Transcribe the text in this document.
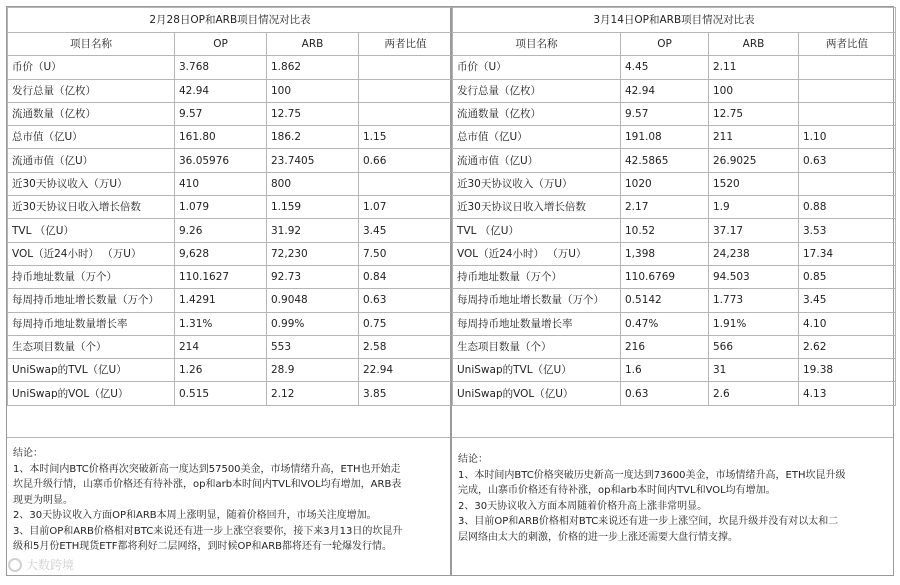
2月28日OP和ARB项目情况对比表			
项目名称	OP	ARB	两者比值
币价（U）	3.768	1.862	
发行总量（亿枚）	42.94	100	
流通数量（亿枚）	9.57	12.75	
总市值（亿U）	161.80	186.2	1.15
流通市值（亿U）	36.05976	23.7405	0.66
近30天协议收入（万U）	410	800	
近30天协议日收入增长倍数	1.079	1.159	1.07
TVL （亿U）	9.26	31.92	3.45
VOL（近24小时） （万U）	9,628	72,230	7.50
持币地址数量（万个）	110.1627	92.73	0.84
每周持币地址增长数量（万个）	1.4291	0.9048	0.63
每周持币地址数量增长率	1.31%	0.99%	0.75
生态项目数量（个）	214	553	2.58
UniSwap的TVL（亿U）	1.26	28.9	22.94
UniSwap的VOL（亿U）	0.515	2.12	3.85

结论：

1、本时间内BTC价格再次突破新高一度达到57500美金，市场情绪升高，ETH也开始走

坎昆升级行情，山寨币价格还有待补涨，op和arb本时间内TVL和VOL均有增加，ARB表

现更为明显。

2、30天协议收入方面OP和ARB本周上涨明显，随着价格回升，市场关注度增加。

3、目前OP和ARB价格相对BTC来说还有进一步上涨空衮要你，接下来3月13日的坎昆升

级和5月份ETH现货ETF都将利好二层网络，到时候OP和ARB都将还有一轮爆发行情。

3月14日OP和ARB项目情况对比表			
项目名称	OP	ARB	两者比值
币价（U）	4.45	2.11	
发行总量（亿枚）	42.94	100	
流通数量（亿枚）	9.57	12.75	
总市值（亿U）	191.08	211	1.10
流通市值（亿U）	42.5865	26.9025	0.63
近30天协议收入（万U）	1020	1520	
近30天协议日收入增长倍数	2.17	1.9	0.88
TVL （亿U）	10.52	37.17	3.53
VOL（近24小时） （万U）	1,398	24,238	17.34
持币地址数量（万个）	110.6769	94.503	0.85
每周持币地址增长数量（万个）	0.5142	1.773	3.45
每周持币地址数量增长率	0.47%	1.91%	4.10
生态项目数量（个）	216	566	2.62
UniSwap的TVL（亿U）	1.6	31	19.38
UniSwap的VOL（亿U）	0.63	2.6	4.13

结论：

1、本时间内BTC价格突破历史新高一度达到73600美金，市场情绪升高，ETH坎昆升级

完成，山寨币价格还有待补涨，op和arb本时间内TVL和VOL均有增加。

2、30天协议收入方面本周随着价格升高上涨非常明显。

3、目前OP和ARB价格相对BTC来说还有进一步上涨空间，坎昆升级并没有对以太和二

层网络由太大的刺激，价格的进一步上涨还需要大盘行情支撑。

大数跨境
